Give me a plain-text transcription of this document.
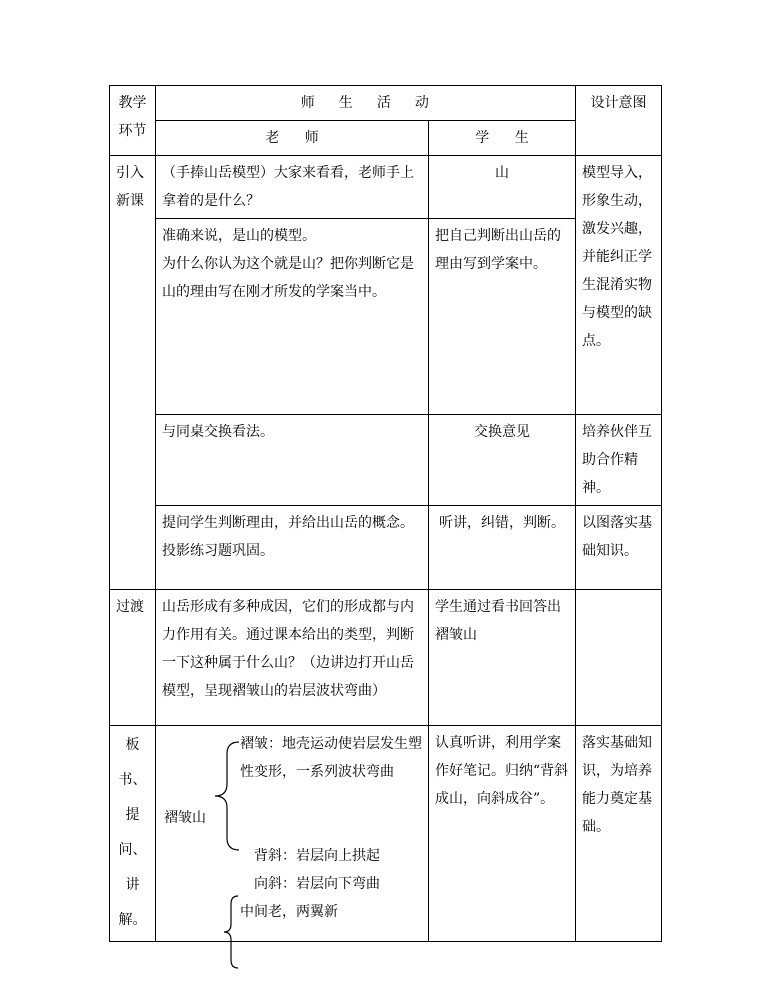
教学环节	师 生 活 动		设计意图
	老 师	学 生	
引入新课	（手捧山岳模型）大家来看看，老师手上拿着的是什么？	山	模型导入，形象生动，激发兴趣，并能纠正学生混淆实物与模型的缺点。
	准确来说，是山的模型。
为什么你认为这个就是山？把你判断它是山的理由写在刚才所发的学案当中。	把自己判断出山岳的理由写到学案中。	
	与同桌交换看法。	交换意见	培养伙伴互助合作精神。
	提问学生判断理由，并给出山岳的概念。投影练习题巩固。	听讲，纠错，判断。	以图落实基础知识。
过渡	山岳形成有多种成因，它们的形成都与内力作用有关。通过课本给出的类型，判断一下这种属于什么山？（边讲边打开山岳模型，呈现褶皱山的岩层波状弯曲）	学生通过看书回答出褶皱山	
板书、提问、讲解。	褶皱山
褶皱：地壳运动使岩层发生塑性变形，一系列波状弯曲
背斜：岩层向上拱起
向斜：岩层向下弯曲
中间老，两翼新	认真听讲，利用学案作好笔记。归纳“背斜成山，向斜成谷”。	落实基础知识，为培养能力奠定基础。
